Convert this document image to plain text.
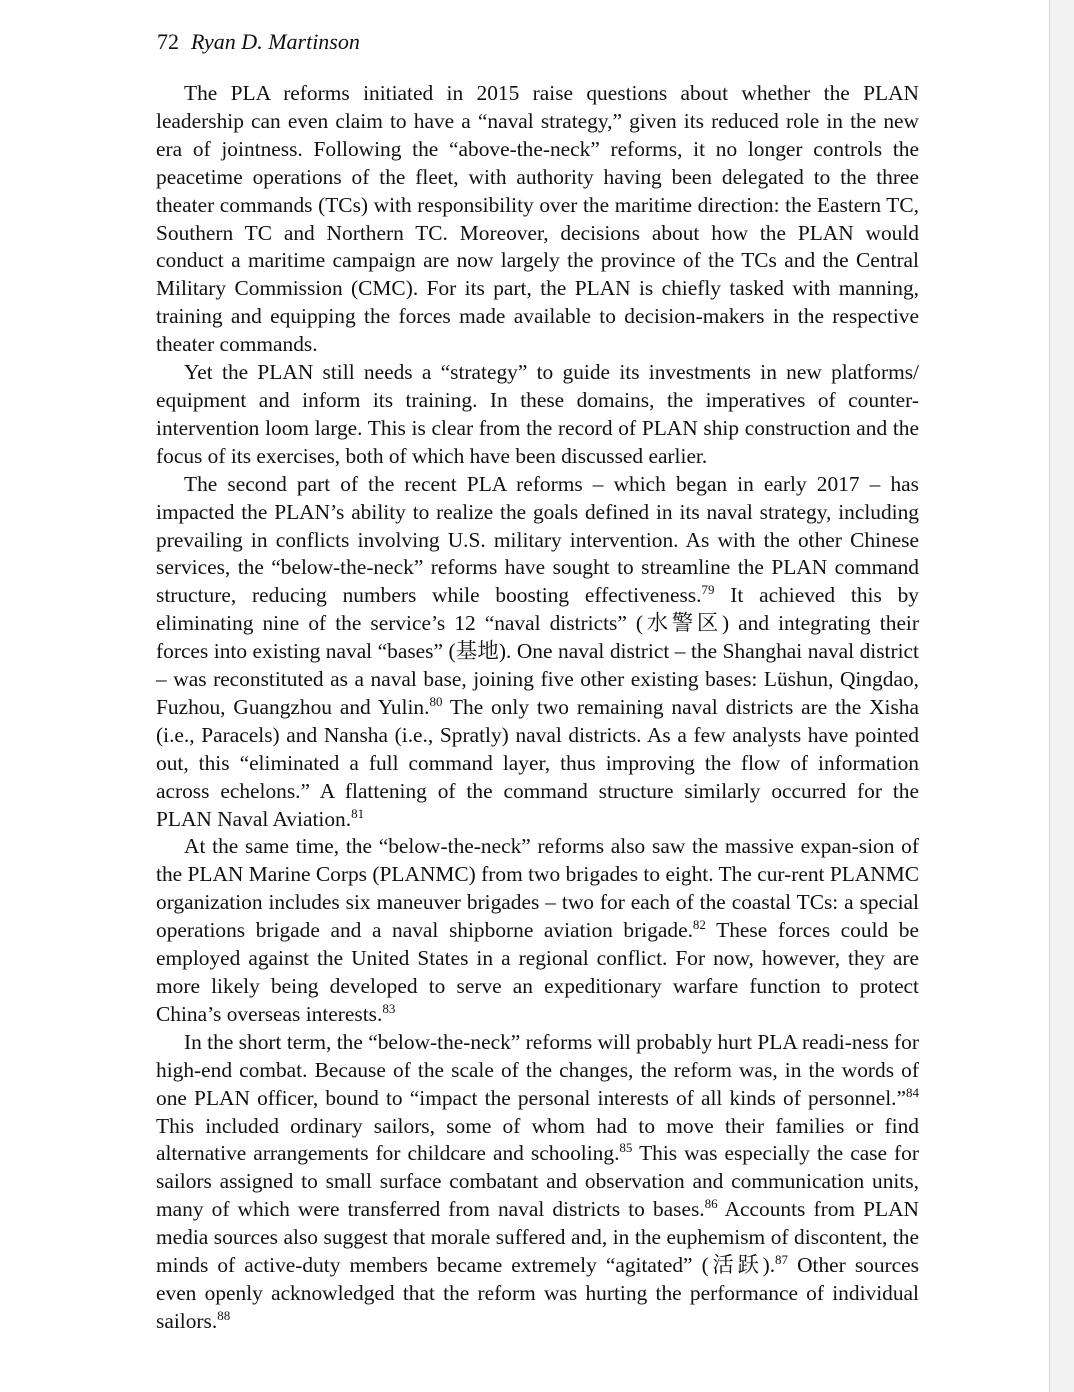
72 Ryan D. Martinson

The PLA reforms initiated in 2015 raise questions about whether the PLAN leadership can even claim to have a “naval strategy,” given its reduced role in the new era of jointness. Following the “above-the-neck” reforms, it no longer controls the peacetime operations of the fleet, with authority having been delegated to the three theater commands (TCs) with responsibility over the maritime direction: the Eastern TC, Southern TC and Northern TC. Moreover, decisions about how the PLAN would conduct a maritime campaign are now largely the province of the TCs and the Central Military Commission (CMC). For its part, the PLAN is chiefly tasked with manning, training and equipping the forces made available to decision-makers in the respective theater commands.

Yet the PLAN still needs a “strategy” to guide its investments in new platforms/ equipment and inform its training. In these domains, the imperatives of counter-intervention loom large. This is clear from the record of PLAN ship construction and the focus of its exercises, both of which have been discussed earlier.

The second part of the recent PLA reforms – which began in early 2017 – has impacted the PLAN’s ability to realize the goals defined in its naval strategy, including prevailing in conflicts involving U.S. military intervention. As with the other Chinese services, the “below-the-neck” reforms have sought to streamline the PLAN command structure, reducing numbers while boosting effectiveness.$^{79}$ It achieved this by eliminating nine of the service’s 12 “naval districts” (水警区) and integrating their forces into existing naval “bases” (基地). One naval district – the Shanghai naval district – was reconstituted as a naval base, joining five other existing bases: Lüshun, Qingdao, Fuzhou, Guangzhou and Yulin.$^{80}$ The only two remaining naval districts are the Xisha (i.e., Paracels) and Nansha (i.e., Spratly) naval districts. As a few analysts have pointed out, this “eliminated a full command layer, thus improving the flow of information across echelons.” A flattening of the command structure similarly occurred for the PLAN Naval Aviation.$^{81}$

At the same time, the “below-the-neck” reforms also saw the massive expan-sion of the PLAN Marine Corps (PLANMC) from two brigades to eight. The cur-rent PLANMC organization includes six maneuver brigades – two for each of the coastal TCs: a special operations brigade and a naval shipborne aviation brigade.$^{82}$ These forces could be employed against the United States in a regional conflict. For now, however, they are more likely being developed to serve an expeditionary warfare function to protect China’s overseas interests.$^{83}$

In the short term, the “below-the-neck” reforms will probably hurt PLA readi-ness for high-end combat. Because of the scale of the changes, the reform was, in the words of one PLAN officer, bound to “impact the personal interests of all kinds of personnel.”$^{84}$ This included ordinary sailors, some of whom had to move their families or find alternative arrangements for childcare and schooling.$^{85}$ This was especially the case for sailors assigned to small surface combatant and observation and communication units, many of which were transferred from naval districts to bases.$^{86}$ Accounts from PLAN media sources also suggest that morale suffered and, in the euphemism of discontent, the minds of active-duty members became extremely “agitated” (活跃).$^{87}$ Other sources even openly acknowledged that the reform was hurting the performance of individual sailors.$^{88}$
